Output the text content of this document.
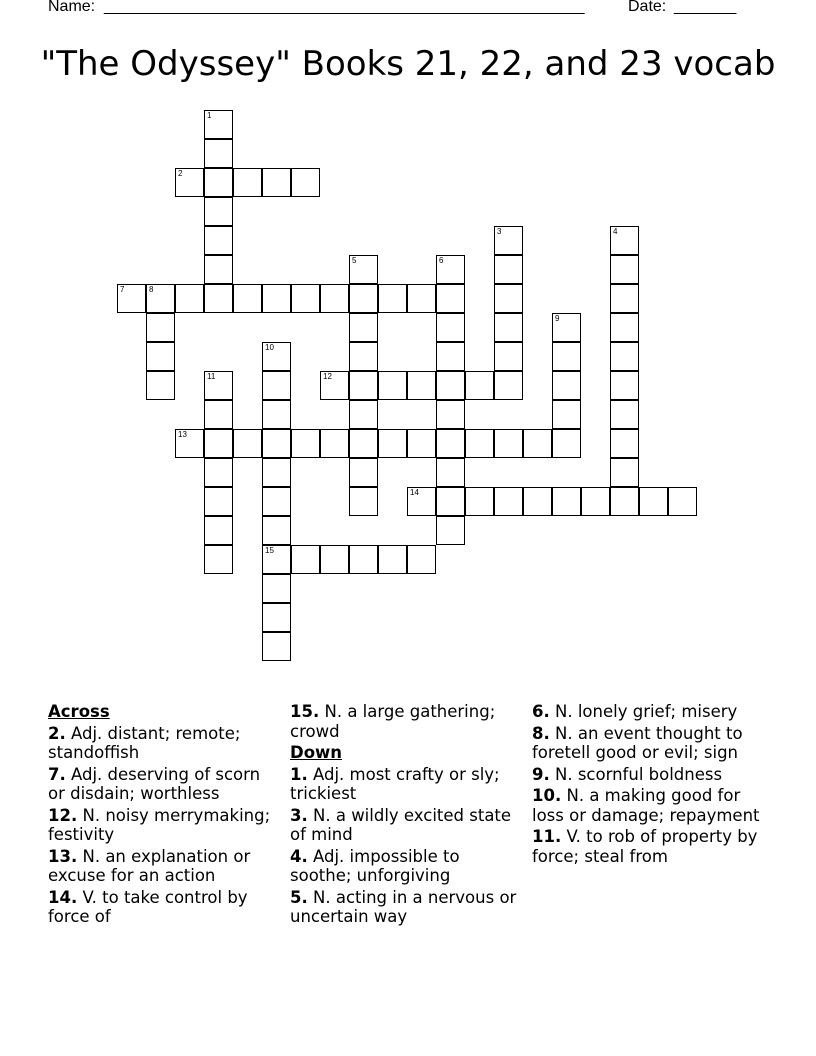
Name: ______________________________________________________	Date: _______
"The Odyssey" Books 21, 22, and 23 vocab
1
2
3	4
5	6
7	8
9
10
15
11	12
13
14
Across
2. Adj. distant; remote; standoffish
7. Adj. deserving of scorn or disdain; worthless
12. N. noisy merrymaking; festivity
13. N. an explanation or excuse for an action
14. V. to take control by force of
15. N. a large gathering; crowd
Down
1. Adj. most crafty or sly; trickiest
3. N. a wildly excited state of mind
4. Adj. impossible to soothe; unforgiving
5. N. acting in a nervous or uncertain way
6. N. lonely grief; misery
8. N. an event thought to foretell good or evil; sign
9. N. scornful boldness
10. N. a making good for loss or damage; repayment
11. V. to rob of property by force; steal from
